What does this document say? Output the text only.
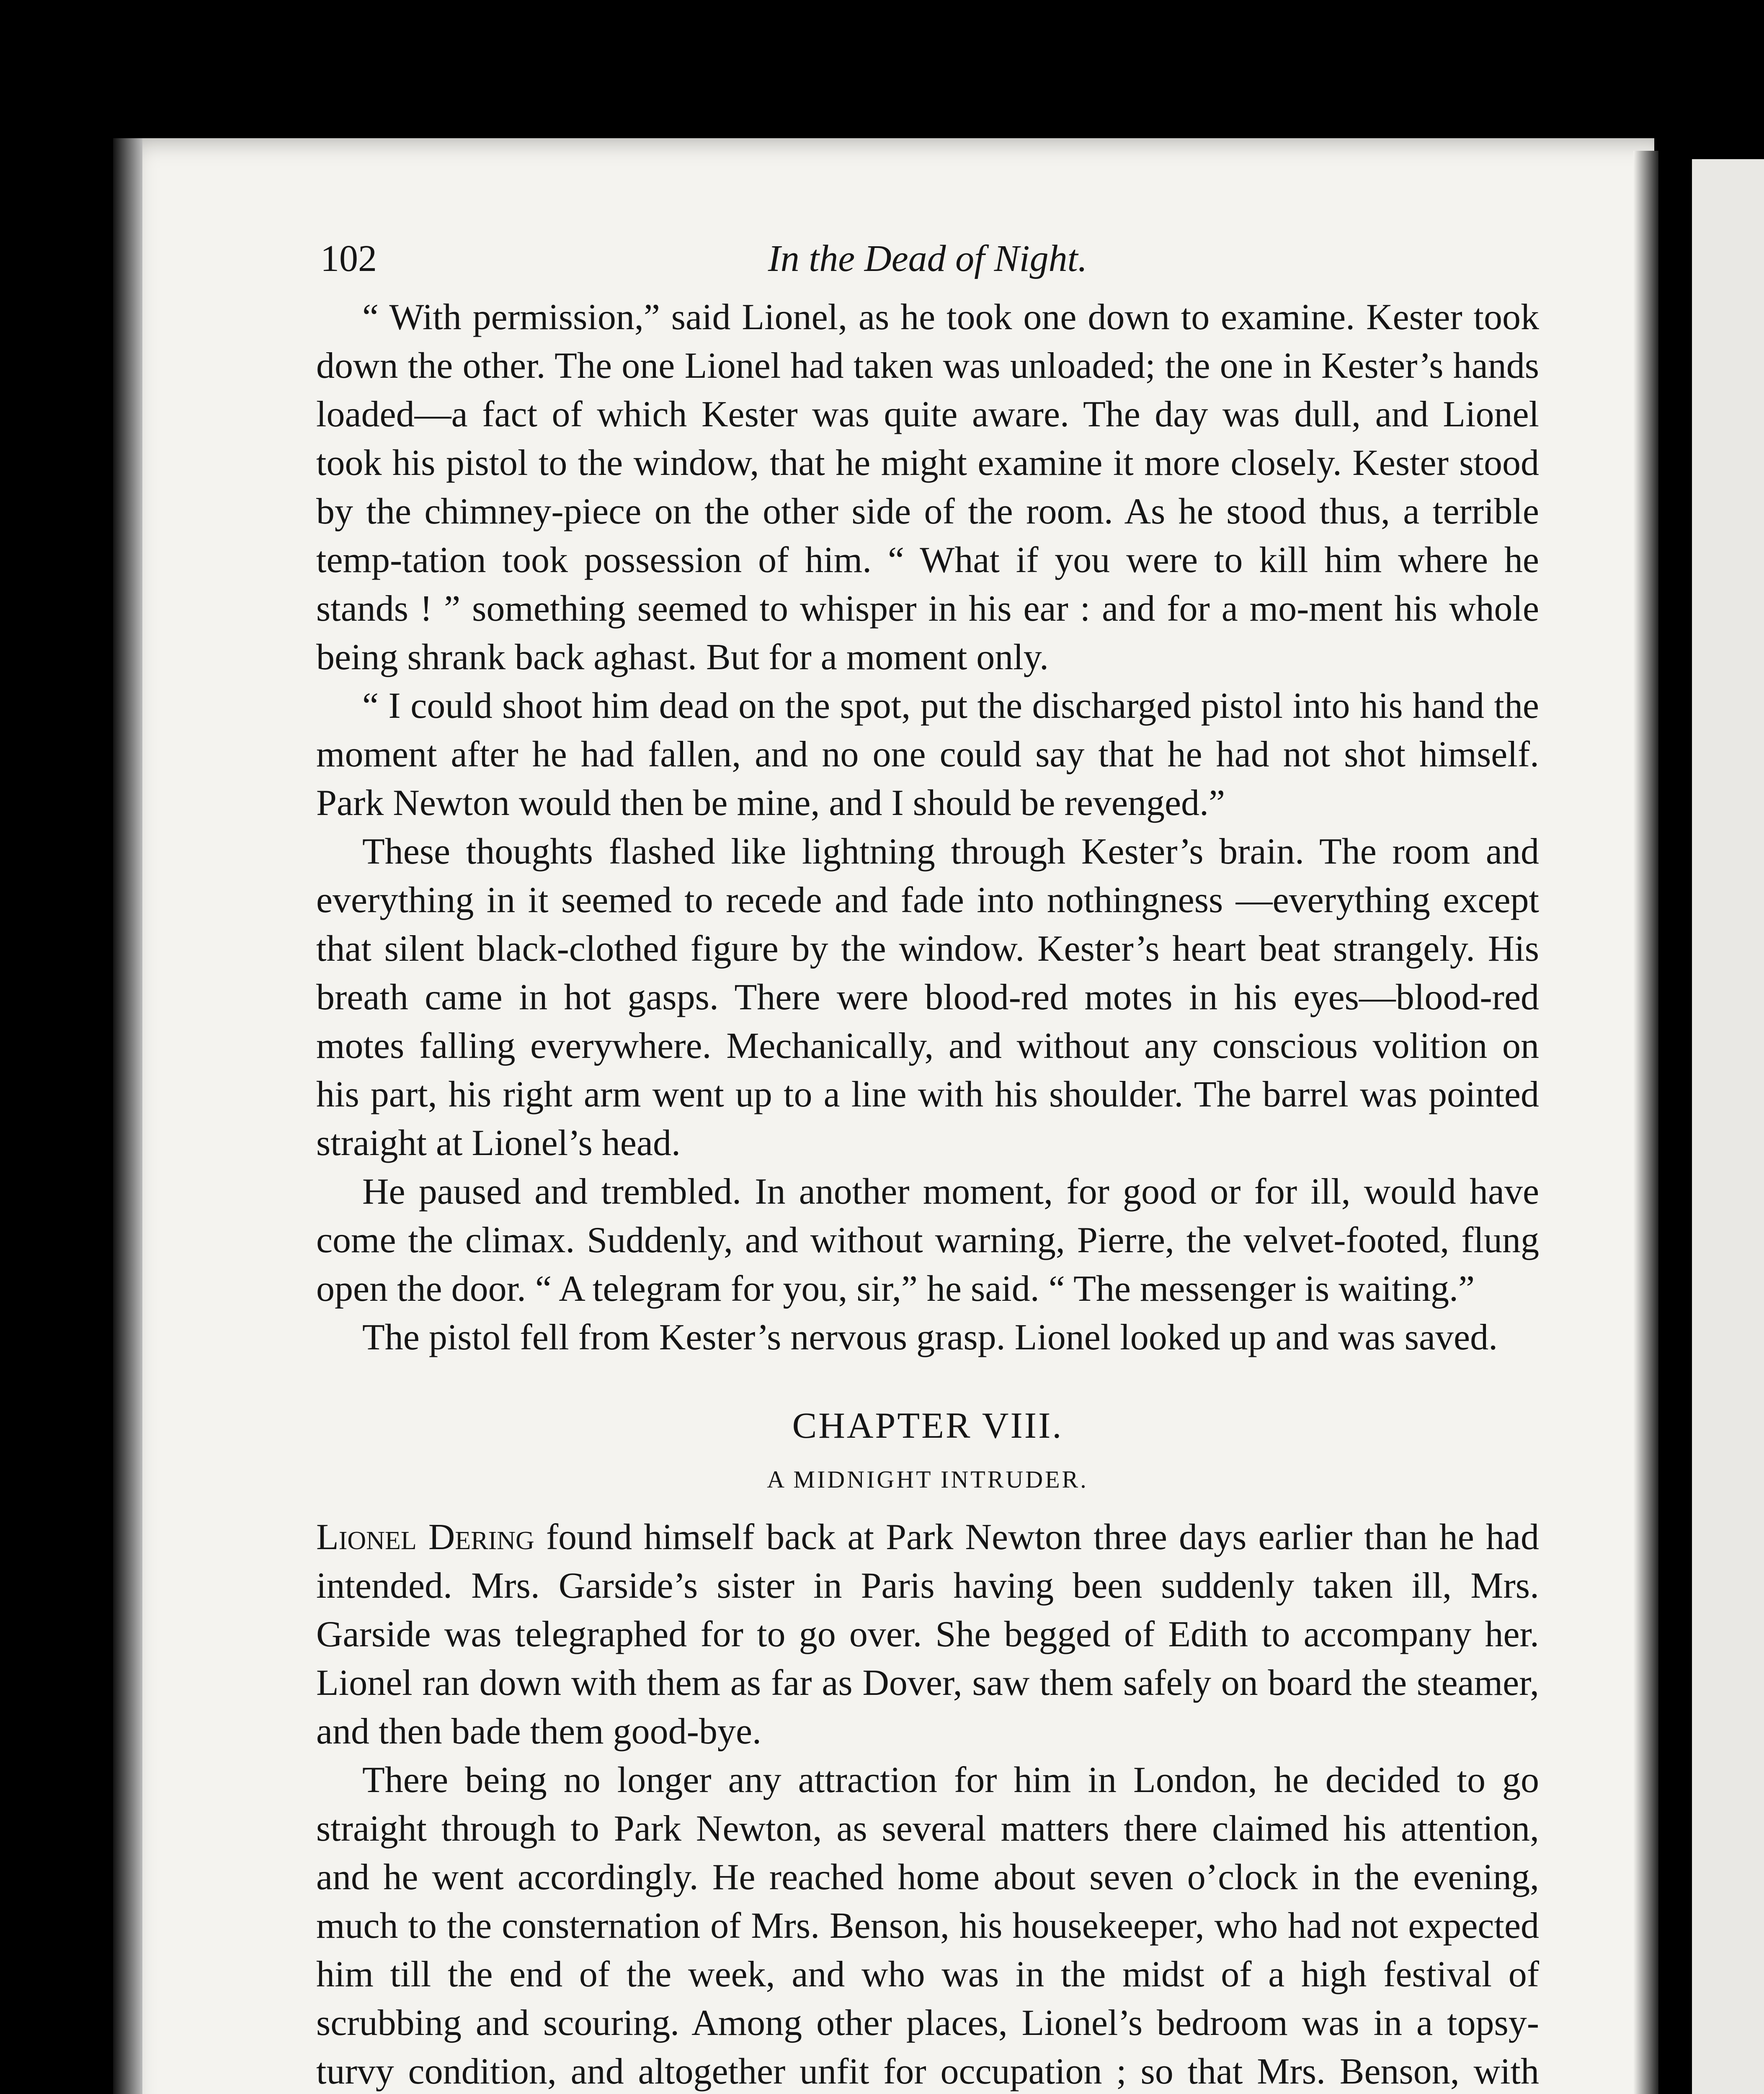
102	In the Dead of Night.

“ With permission,” said Lionel, as he took one down to examine. Kester took down the other. The one Lionel had taken was unloaded; the one in Kester’s hands loaded—a fact of which Kester was quite aware. The day was dull, and Lionel took his pistol to the window, that he might examine it more closely. Kester stood by the chimney-piece on the other side of the room. As he stood thus, a terrible temp-tation took possession of him. “ What if you were to kill him where he stands ! ” something seemed to whisper in his ear : and for a mo-ment his whole being shrank back aghast. But for a moment only.

“ I could shoot him dead on the spot, put the discharged pistol into his hand the moment after he had fallen, and no one could say that he had not shot himself. Park Newton would then be mine, and I should be revenged.”

These thoughts flashed like lightning through Kester’s brain. The room and everything in it seemed to recede and fade into nothingness —everything except that silent black-clothed figure by the window. Kester’s heart beat strangely. His breath came in hot gasps. There were blood-red motes in his eyes—blood-red motes falling everywhere. Mechanically, and without any conscious volition on his part, his right arm went up to a line with his shoulder. The barrel was pointed straight at Lionel’s head.

He paused and trembled. In another moment, for good or for ill, would have come the climax. Suddenly, and without warning, Pierre, the velvet-footed, flung open the door. “ A telegram for you, sir,” he said. “ The messenger is waiting.”

The pistol fell from Kester’s nervous grasp. Lionel looked up and was saved.

CHAPTER VIII.
A MIDNIGHT INTRUDER.

Lionel Dering found himself back at Park Newton three days earlier than he had intended. Mrs. Garside’s sister in Paris having been suddenly taken ill, Mrs. Garside was telegraphed for to go over. She begged of Edith to accompany her. Lionel ran down with them as far as Dover, saw them safely on board the steamer, and then bade them good-bye.

There being no longer any attraction for him in London, he decided to go straight through to Park Newton, as several matters there claimed his attention, and he went accordingly. He reached home about seven o’clock in the evening, much to the consternation of Mrs. Benson, his housekeeper, who had not expected him till the end of the week, and who was in the midst of a high festival of scrubbing and scouring. Among other places, Lionel’s bedroom was in a topsy-turvy condition, and altogether unfit for occupation ; so that Mrs. Benson, with
